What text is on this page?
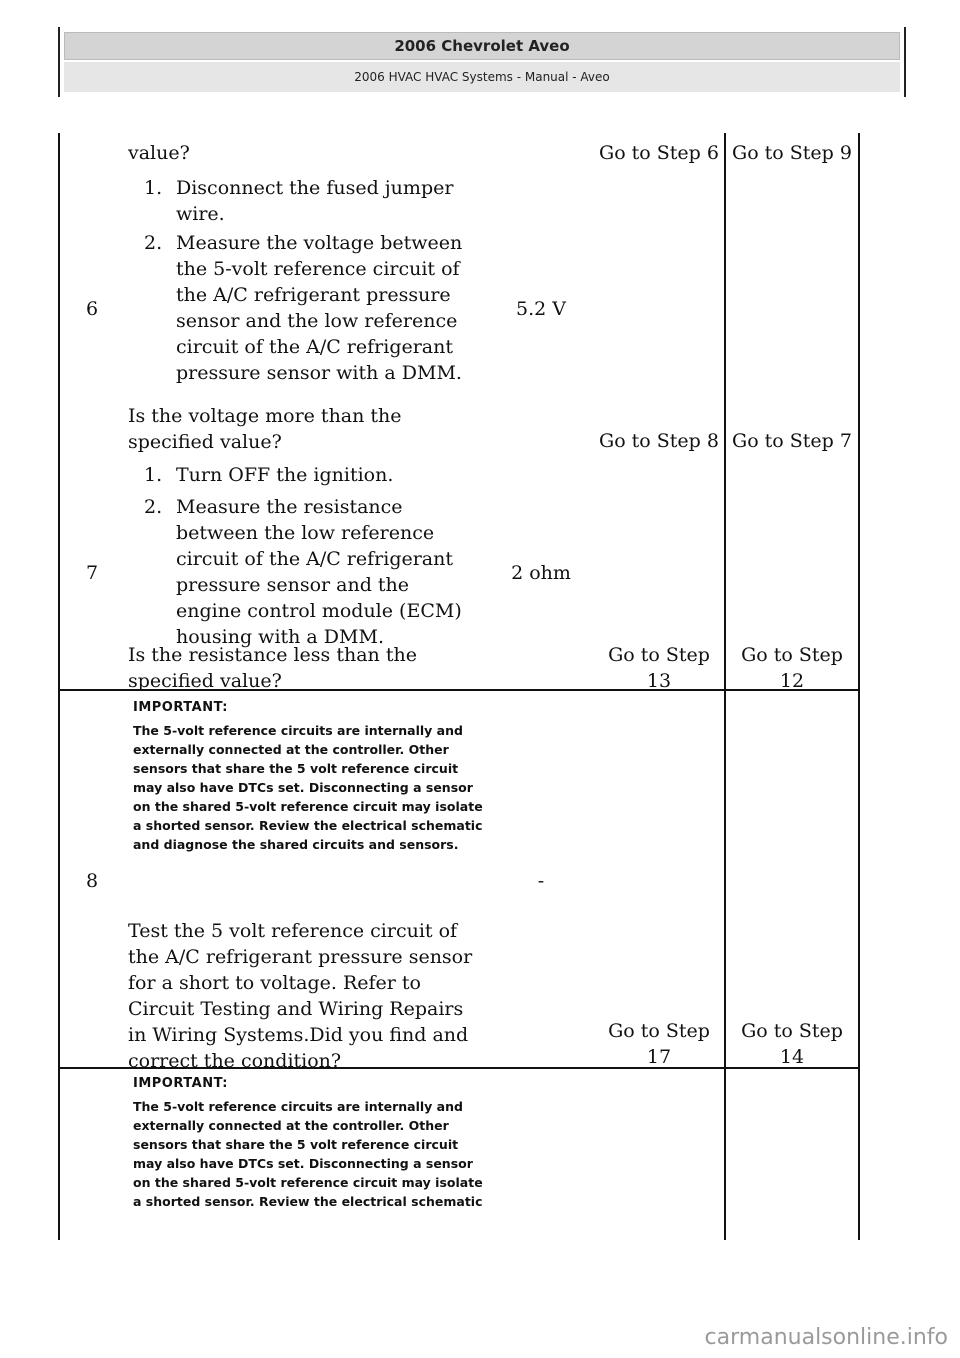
2006 Chevrolet Aveo
2006 HVAC HVAC Systems - Manual - Aveo
value?	Go to Step 6 Go to Step 9
6
1. Disconnect the fused jumper wire.
2. Measure the voltage between the 5-volt reference circuit of the A/C refrigerant pressure sensor and the low reference circuit of the A/C refrigerant pressure sensor with a DMM.
5.2 V
Is the voltage more than the specified value?	Go to Step 8 Go to Step 7
7
1. Turn OFF the ignition.
2. Measure the resistance between the low reference circuit of the A/C refrigerant pressure sensor and the engine control module (ECM) housing with a DMM.
2 ohm
Is the resistance less than the specified value?
Go to Step 13
Go to Step 12
8
IMPORTANT:
The 5-volt reference circuits are internally and externally connected at the controller. Other sensors that share the 5 volt reference circuit may also have DTCs set. Disconnecting a sensor on the shared 5-volt reference circuit may isolate a shorted sensor. Review the electrical schematic and diagnose the shared circuits and sensors.
-
Test the 5 volt reference circuit of the A/C refrigerant pressure sensor for a short to voltage. Refer to Circuit Testing and Wiring Repairs in Wiring Systems.Did you find and correct the condition?
Go to Step 17
Go to Step 14
IMPORTANT:
The 5-volt reference circuits are internally and externally connected at the controller. Other sensors that share the 5 volt reference circuit may also have DTCs set. Disconnecting a sensor on the shared 5-volt reference circuit may isolate a shorted sensor. Review the electrical schematic
carmanualsonline.info
